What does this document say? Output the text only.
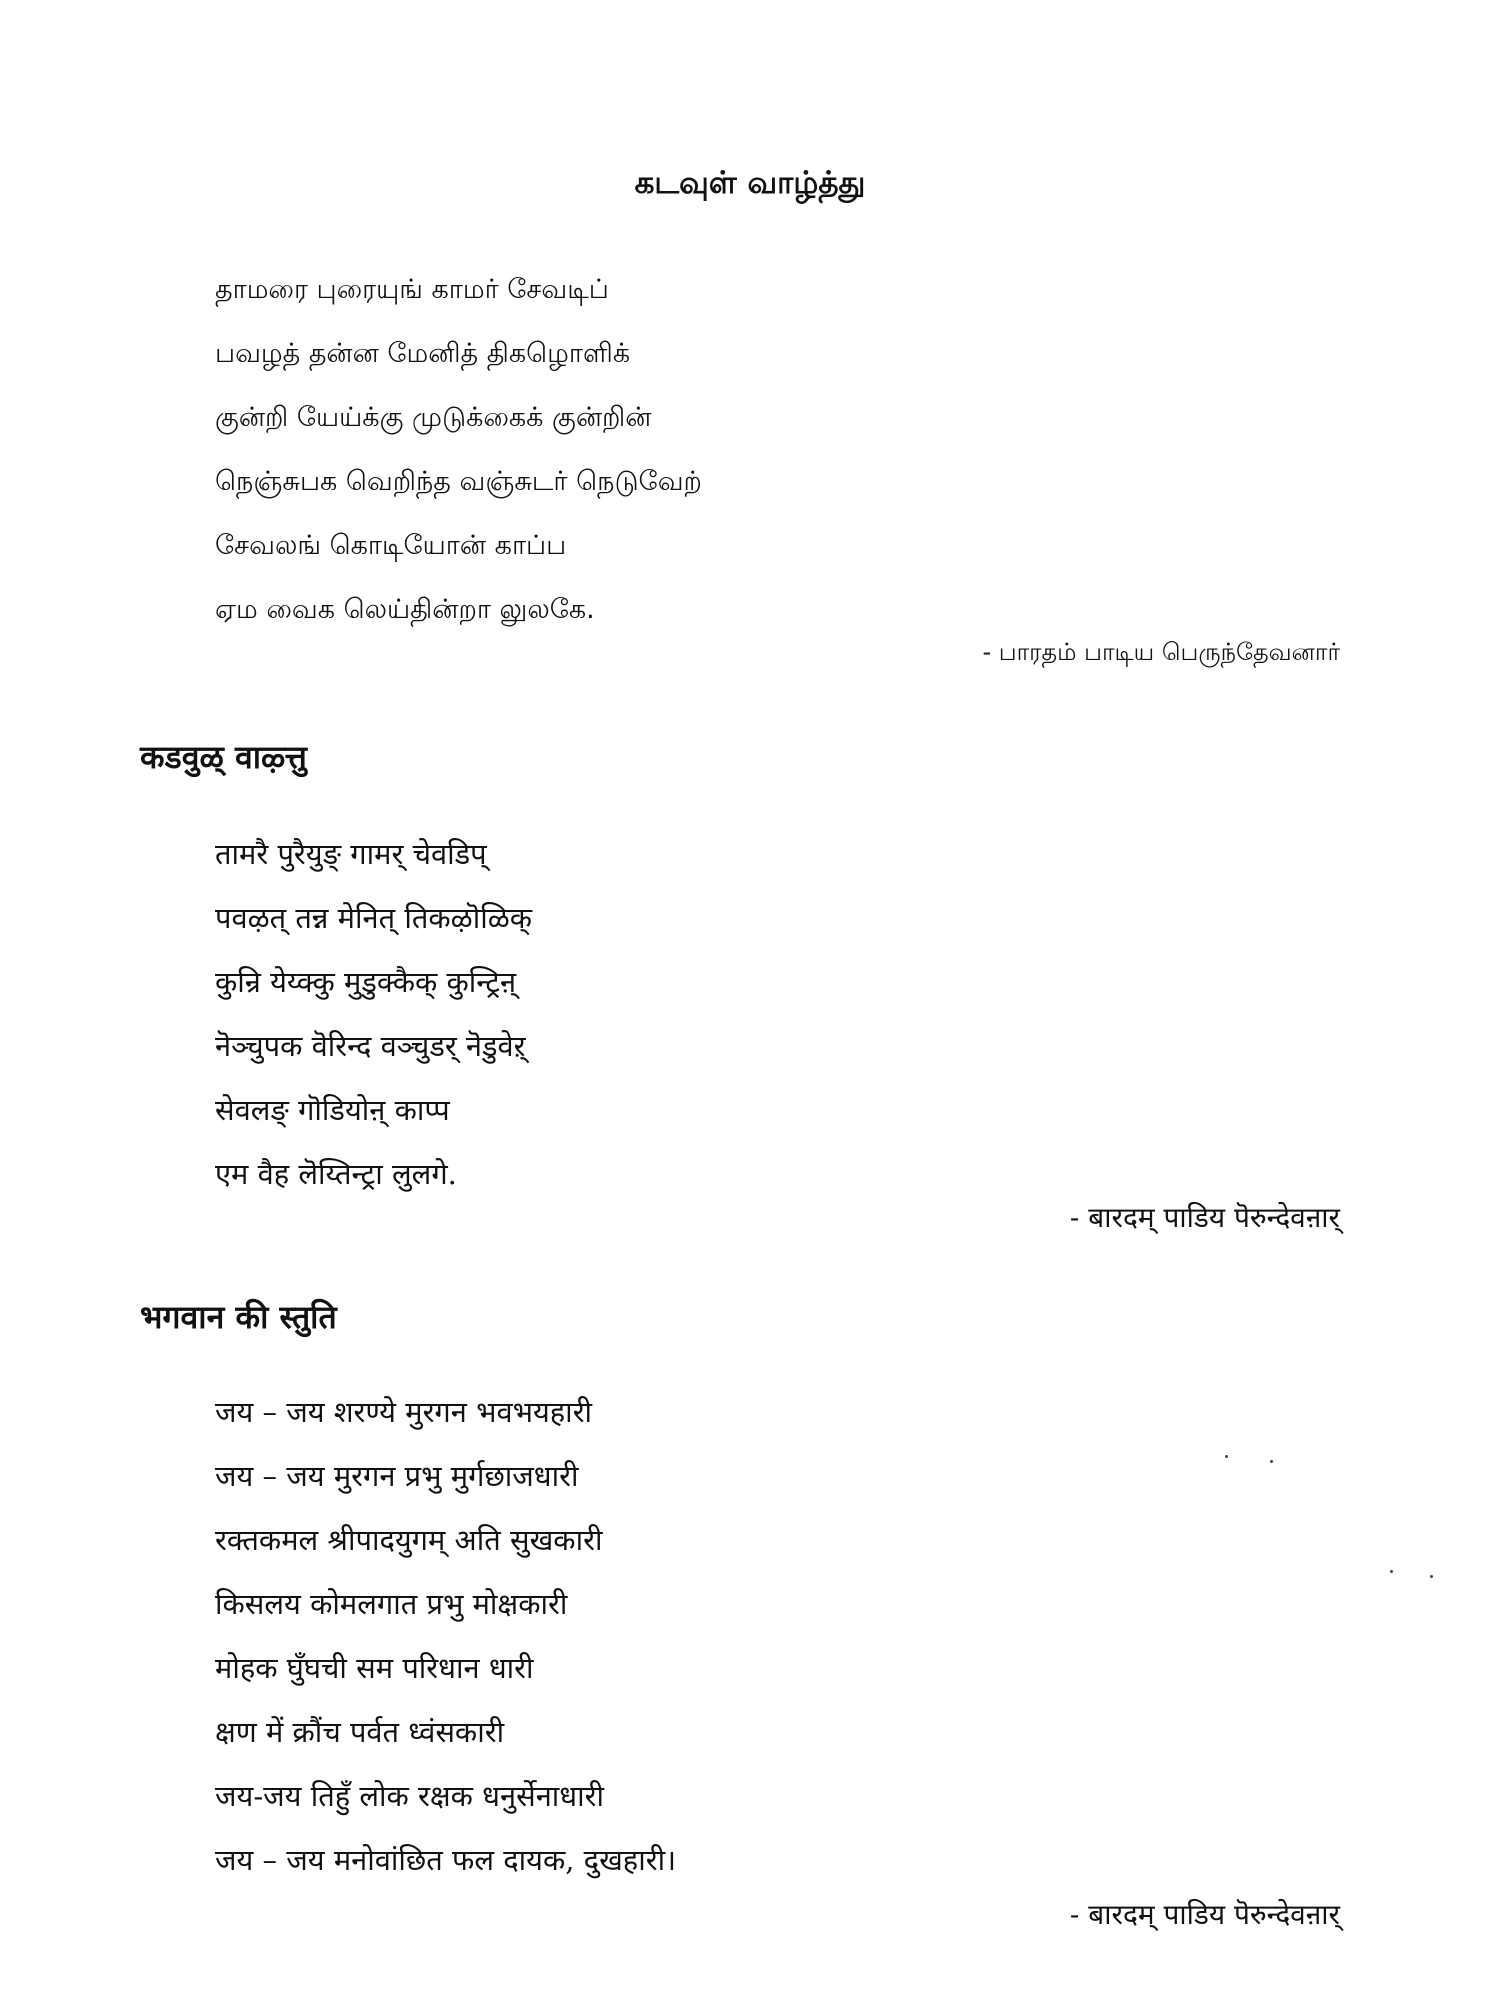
கடவுள் வாழ்த்து
தாமரை புரையுங் காமர் சேவடிப்
பவழத் தன்ன மேனித் திகழொளிக்
குன்றி யேய்க்கு முடுக்கைக் குன்றின்
நெஞ்சுபக வெறிந்த வஞ்சுடர் நெடுவேற்
சேவலங் கொடியோன் காப்ப
ஏம வைக லெய்தின்றா லுலகே.
- பாரதம் பாடிய பெருந்தேவனார்
कडवुळ् वाऴ्त्तु
तामरै पुरैयुङ् गामर् चेवडिप्
पवऴत् तन्न मेनित् तिकऴॊळिक्
कुन्रि येय्क्कु मुडुक्कैक् कुन्ट्रिऩ्
नॆञ्चुपक वॆरिन्द वञ्चुडर् नॆडुवेऱ्
सेवलङ् गॊडियोऩ् काप्प
एम वैह लॆय्तिन्ट्रा लुलगे.
- बारदम् पाडिय पॆरुन्देवऩार्
भगवान की स्तुति
जय – जय शरण्ये मुरगन भवभयहारी
जय – जय मुरगन प्रभु मुर्गछाजधारी
रक्तकमल श्रीपादयुगम् अति सुखकारी
किसलय कोमलगात प्रभु मोक्षकारी
मोहक घुँघची सम परिधान धारी
क्षण में क्रौंच पर्वत ध्वंसकारी
जय-जय तिहुँ लोक रक्षक धनुर्सेनाधारी
जय – जय मनोवांछित फल दायक, दुखहारी।
- बारदम् पाडिय पॆरुन्देवऩार्
